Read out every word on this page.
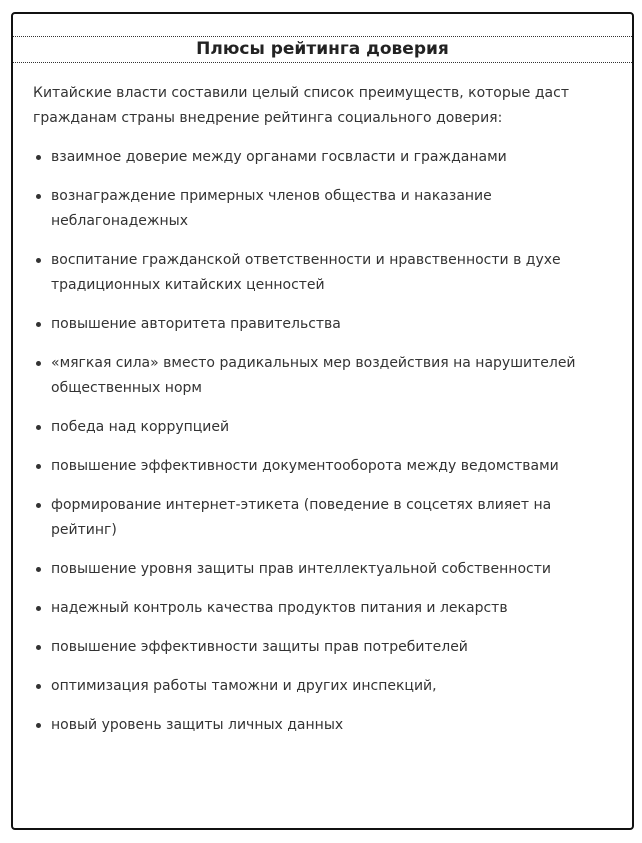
Плюсы рейтинга доверия

Китайские власти составили целый список преимуществ, которые даст гражданам страны внедрение рейтинга социального доверия:

взаимное доверие между органами госвласти и гражданами
вознаграждение примерных членов общества и наказание неблагонадежных
воспитание гражданской ответственности и нравственности в духе традиционных китайских ценностей
повышение авторитета правительства
«мягкая сила» вместо радикальных мер воздействия на нарушителей общественных норм
победа над коррупцией
повышение эффективности документооборота между ведомствами
формирование интернет-этикета (поведение в соцсетях влияет на рейтинг)
повышение уровня защиты прав интеллектуальной собственности
надежный контроль качества продуктов питания и лекарств
повышение эффективности защиты прав потребителей
оптимизация работы таможни и других инспекций,
новый уровень защиты личных данных
